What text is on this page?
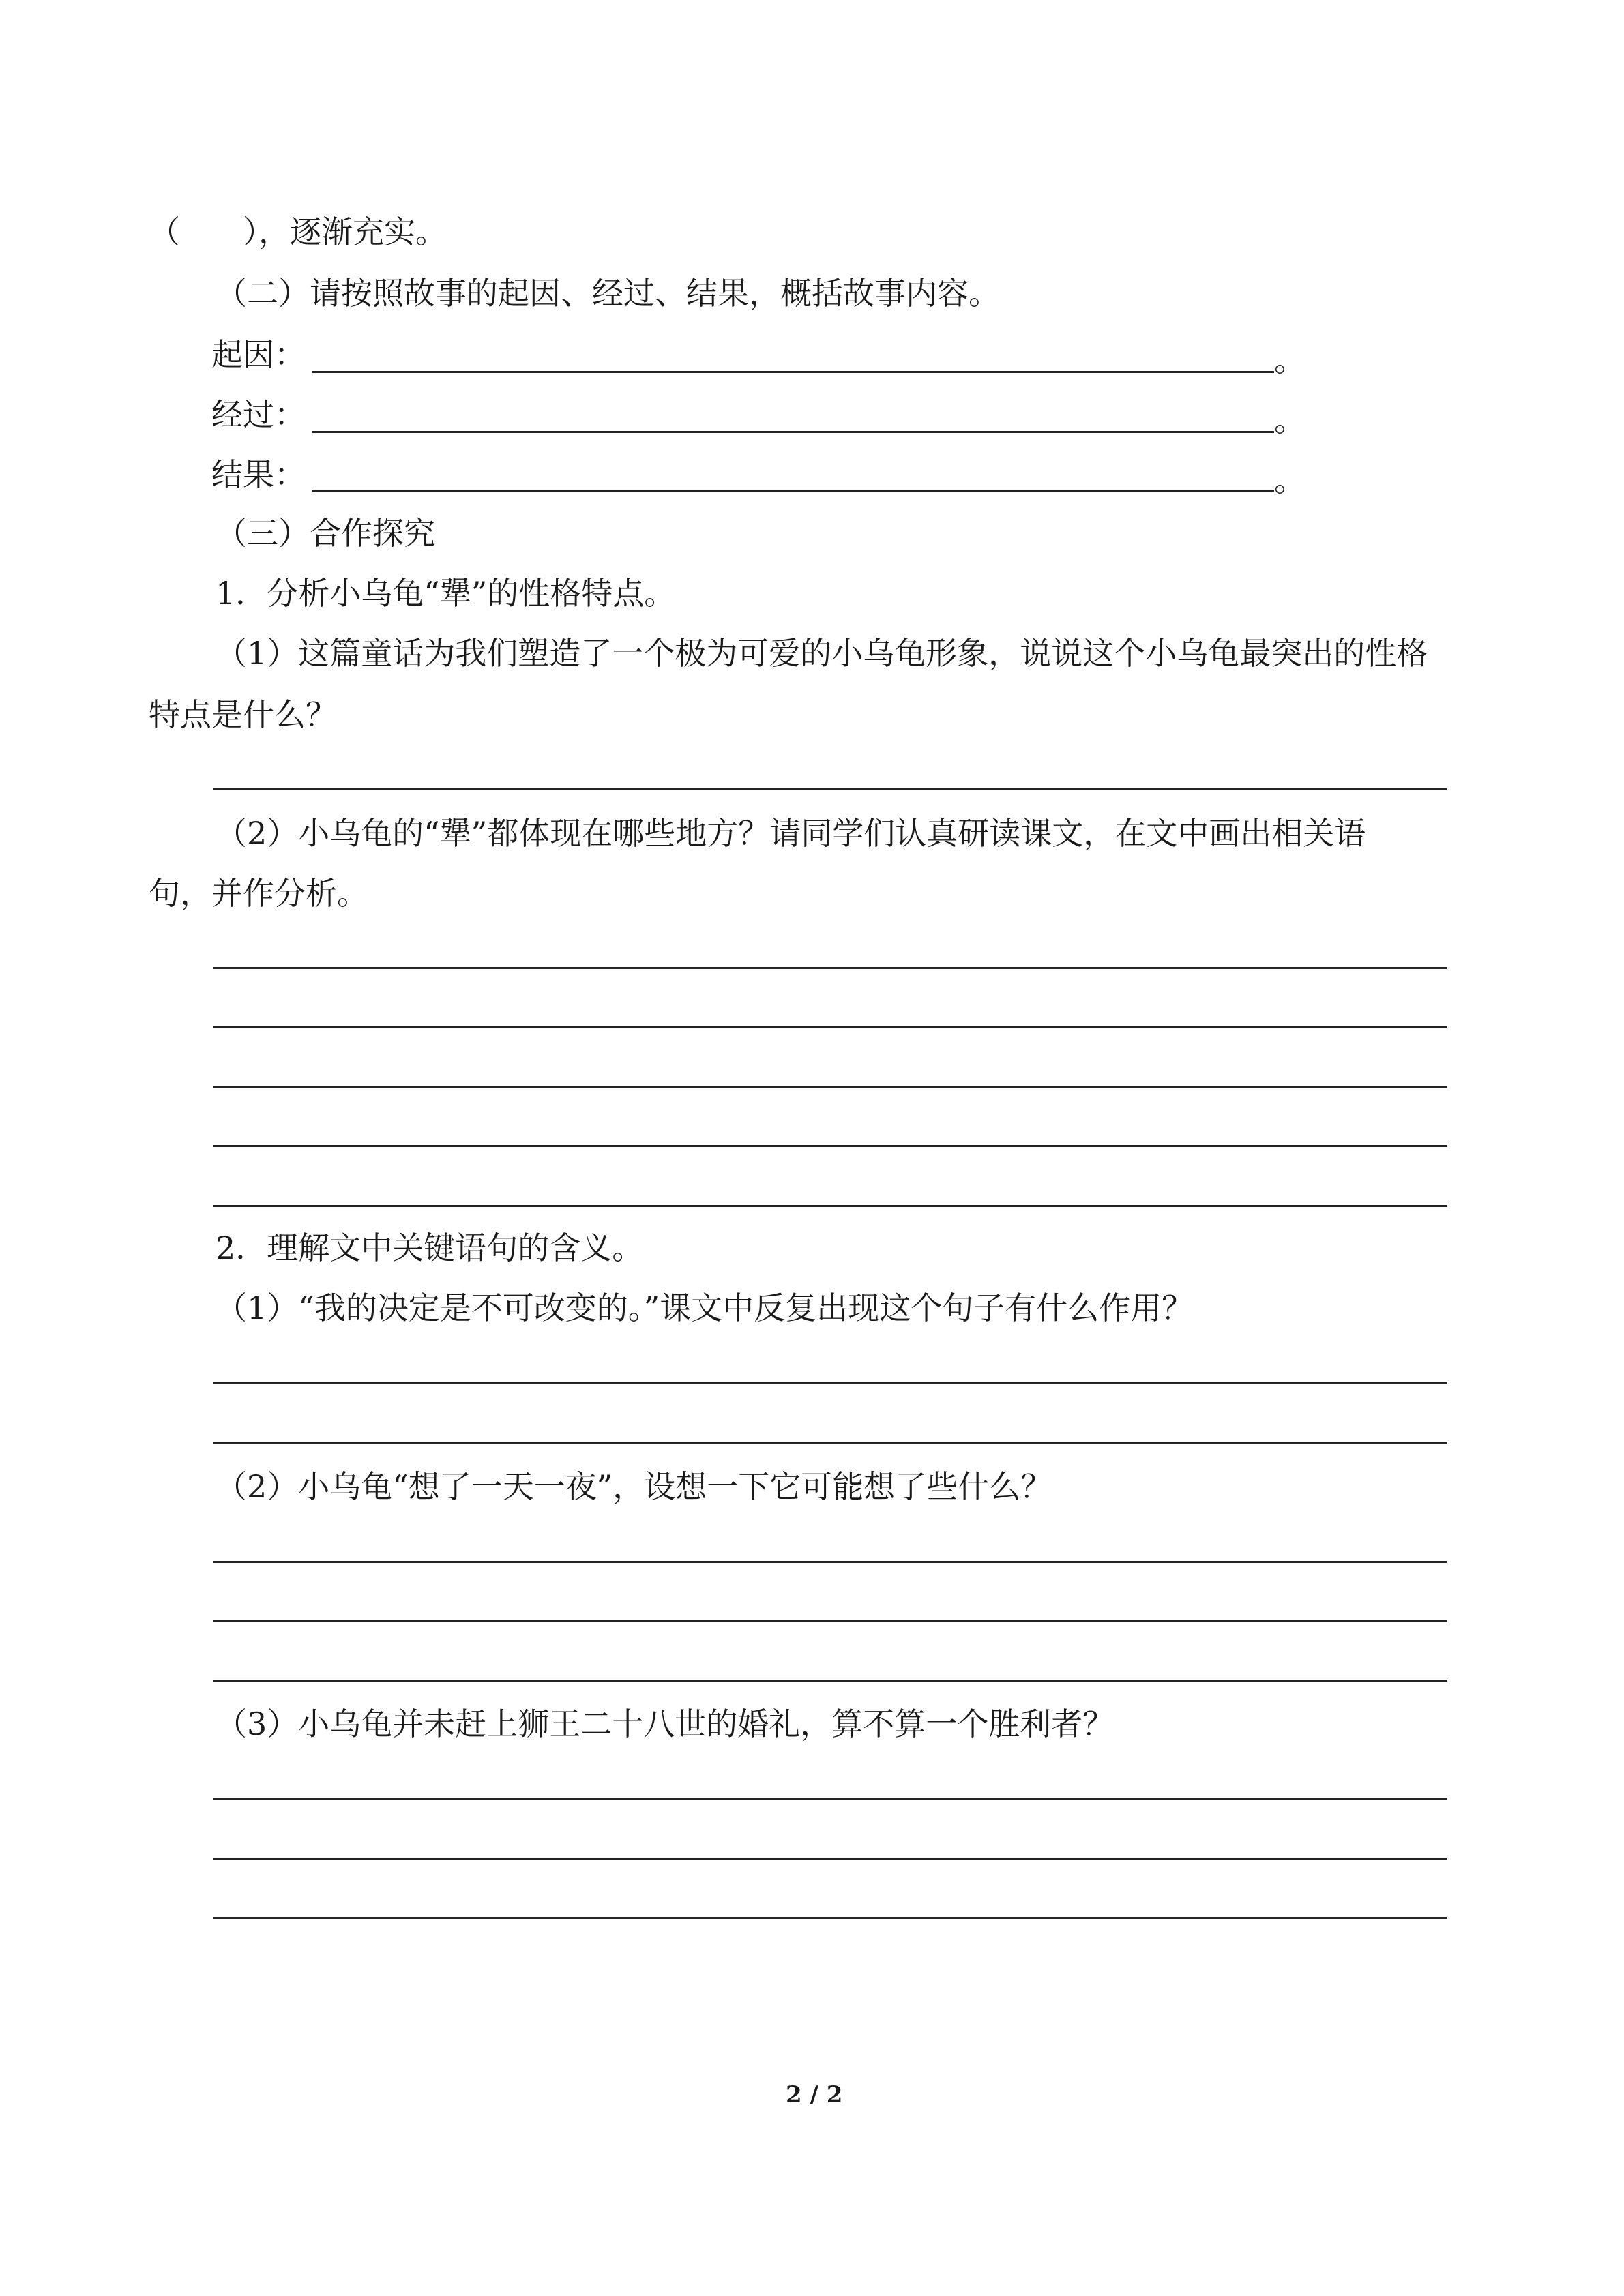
（　　），逐渐充实。

（二）请按照故事的起因、经过、结果，概括故事内容。

起因：	。

经过：	。

结果：	。

（三）合作探究

1．分析小乌龟“犟”的性格特点。

（1）这篇童话为我们塑造了一个极为可爱的小乌龟形象，说说这个小乌龟最突出的性格

特点是什么？

（2）小乌龟的“犟”都体现在哪些地方？请同学们认真研读课文，在文中画出相关语

句，并作分析。

2．理解文中关键语句的含义。

（1）“我的决定是不可改变的。”课文中反复出现这个句子有什么作用？

（2）小乌龟“想了一天一夜”，设想一下它可能想了些什么？

（3）小乌龟并未赶上狮王二十八世的婚礼，算不算一个胜利者？

2 / 2
